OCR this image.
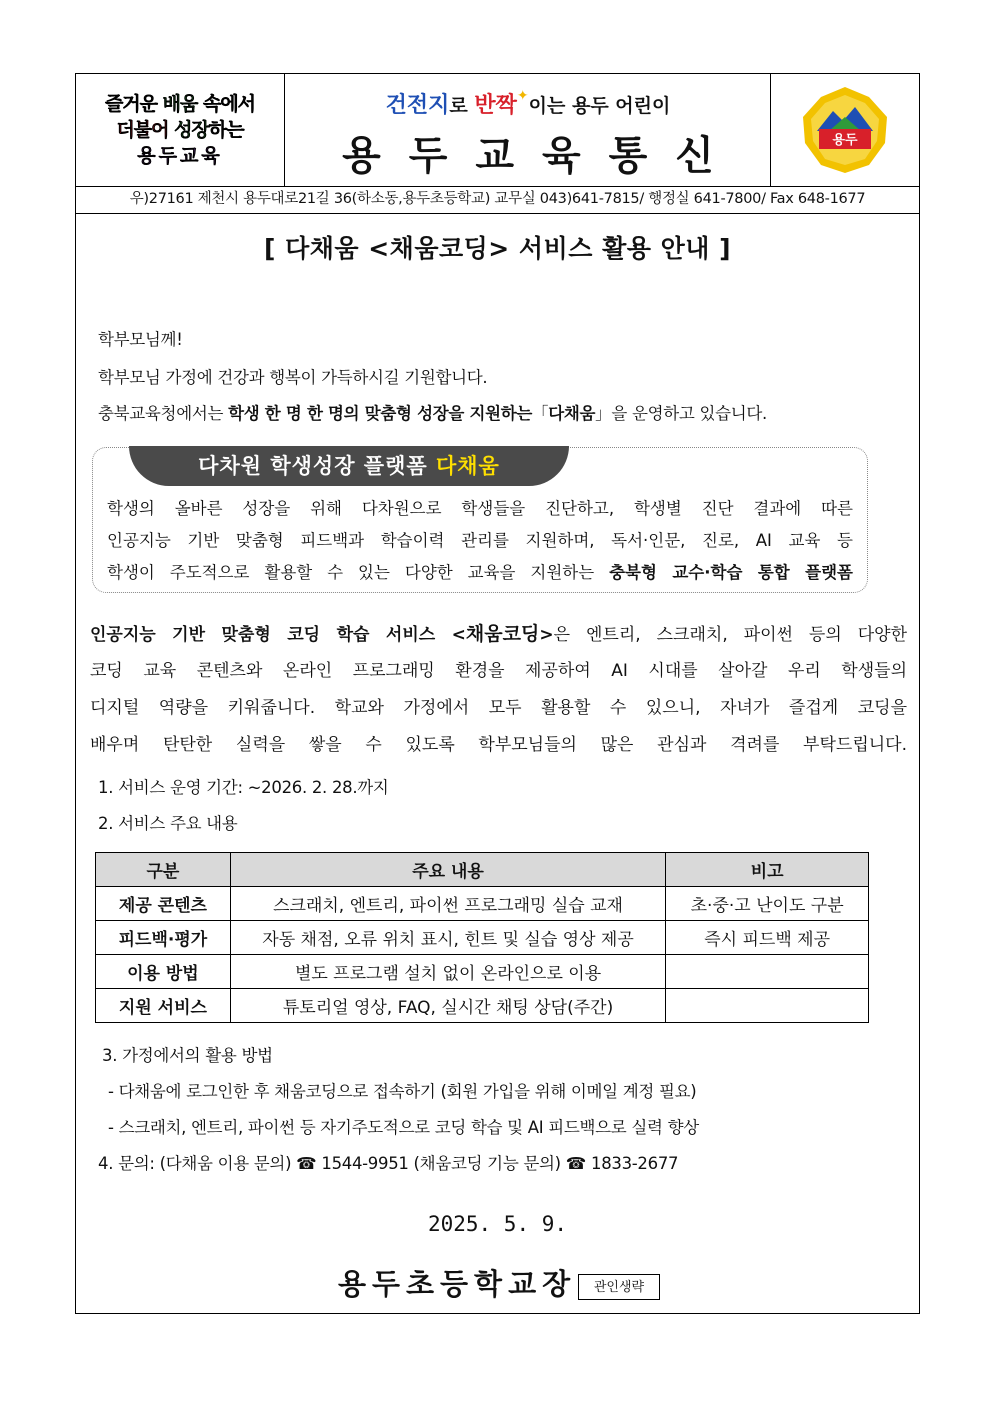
즐거운 배움 속에서
더불어 성장하는
용두교육
건전지로 반짝✦이는 용두 어린이
용두교육통신	용두
우)27161 제천시 용두대로21길 36(하소동,용두초등학교) 교무실 043)641-7815/ 행정실 641-7800/ Fax 648-1677
[ 다채움 <채움코딩> 서비스 활용 안내 ]
학부모님께!
학부모님 가정에 건강과 행복이 가득하시길 기원합니다.
충북교육청에서는 학생 한 명 한 명의 맞춤형 성장을 지원하는「다채움」을 운영하고 있습니다.
다차원 학생성장 플랫폼 다채움
학생의 올바른 성장을 위해 다차원으로 학생들을 진단하고, 학생별 진단 결과에 따른
인공지능 기반 맞춤형 피드백과 학습이력 관리를 지원하며, 독서·인문, 진로, AI 교육 등
학생이 주도적으로 활용할 수 있는 다양한 교육을 지원하는 충북형 교수·학습 통합 플랫폼
인공지능 기반 맞춤형 코딩 학습 서비스 <채움코딩>은 엔트리, 스크래치, 파이썬 등의 다양한
코딩 교육 콘텐츠와 온라인 프로그래밍 환경을 제공하여 AI 시대를 살아갈 우리 학생들의
디지털 역량을 키워줍니다. 학교와 가정에서 모두 활용할 수 있으니, 자녀가 즐겁게 코딩을
배우며 탄탄한 실력을 쌓을 수 있도록 학부모님들의 많은 관심과 격려를 부탁드립니다.
1. 서비스 운영 기간: ~2026. 2. 28.까지
2. 서비스 주요 내용
구분	주요 내용	비고
제공 콘텐츠	스크래치, 엔트리, 파이썬 프로그래밍 실습 교재	초·중·고 난이도 구분
피드백·평가	자동 채점, 오류 위치 표시, 힌트 및 실습 영상 제공	즉시 피드백 제공
이용 방법	별도 프로그램 설치 없이 온라인으로 이용	
지원 서비스	튜토리얼 영상, FAQ, 실시간 채팅 상담(주간)	
3. 가정에서의 활용 방법
- 다채움에 로그인한 후 채움코딩으로 접속하기 (회원 가입을 위해 이메일 계정 필요)
- 스크래치, 엔트리, 파이썬 등 자기주도적으로 코딩 학습 및 AI 피드백으로 실력 향상
4. 문의: (다채움 이용 문의) ☎ 1544-9951 (채움코딩 기능 문의) ☎ 1833-2677
2025. 5. 9.
용두초등학교장	관인생략
